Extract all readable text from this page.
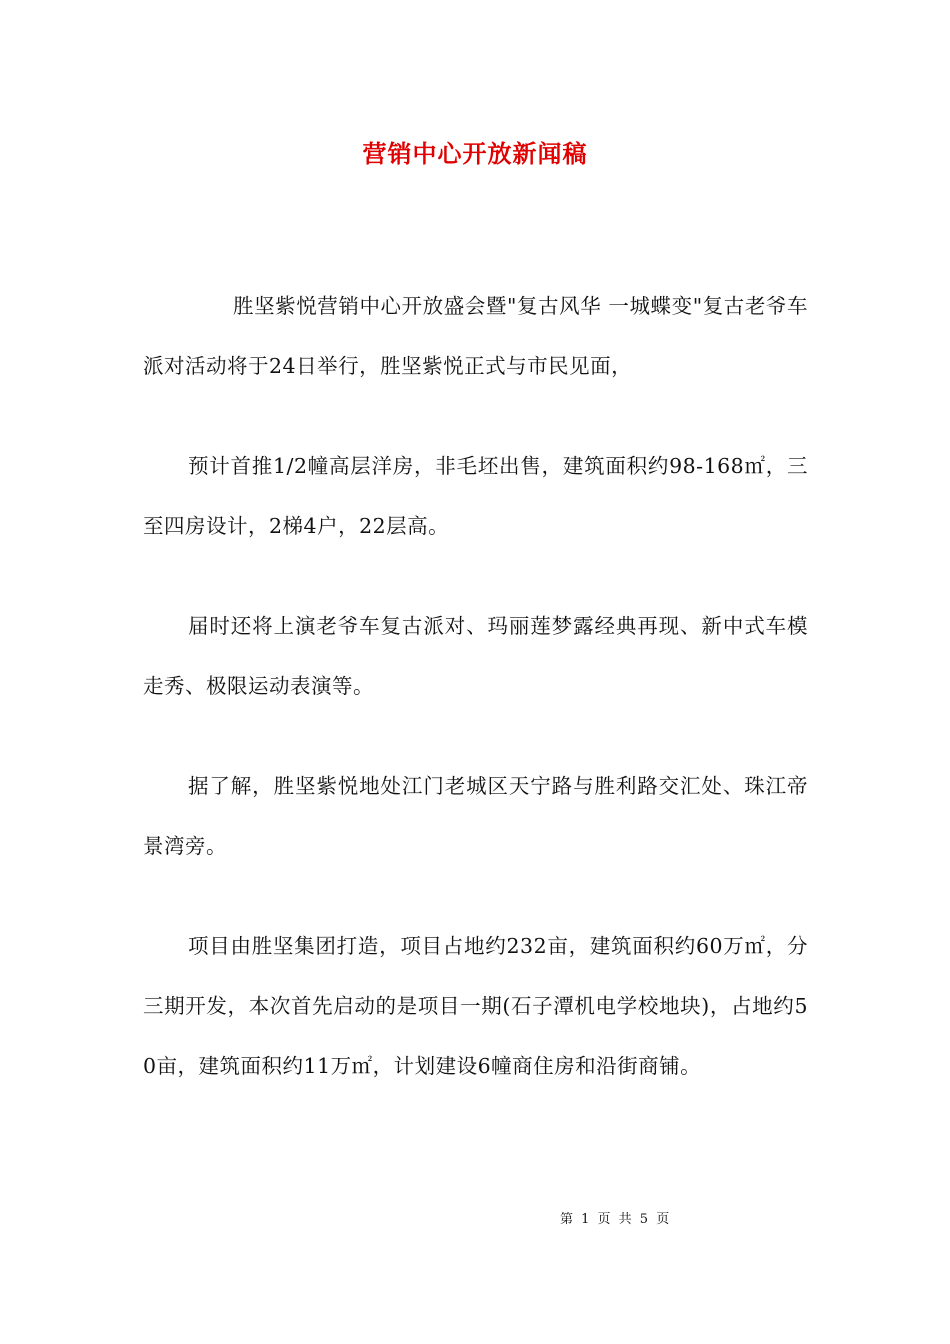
营销中心开放新闻稿

胜坚紫悦营销中心开放盛会暨"复古风华 一城蝶变"复古老爷车派对活动将于24日举行，胜坚紫悦正式与市民见面，

预计首推1/2幢高层洋房，非毛坯出售，建筑面积约98-168㎡，三至四房设计，2梯4户，22层高。

届时还将上演老爷车复古派对、玛丽莲梦露经典再现、新中式车模走秀、极限运动表演等。

据了解，胜坚紫悦地处江门老城区天宁路与胜利路交汇处、珠江帝景湾旁。

项目由胜坚集团打造，项目占地约232亩，建筑面积约60万㎡，分三期开发，本次首先启动的是项目一期(石子潭机电学校地块)，占地约50亩，建筑面积约11万㎡，计划建设6幢商住房和沿街商铺。

第 1 页 共 5 页
